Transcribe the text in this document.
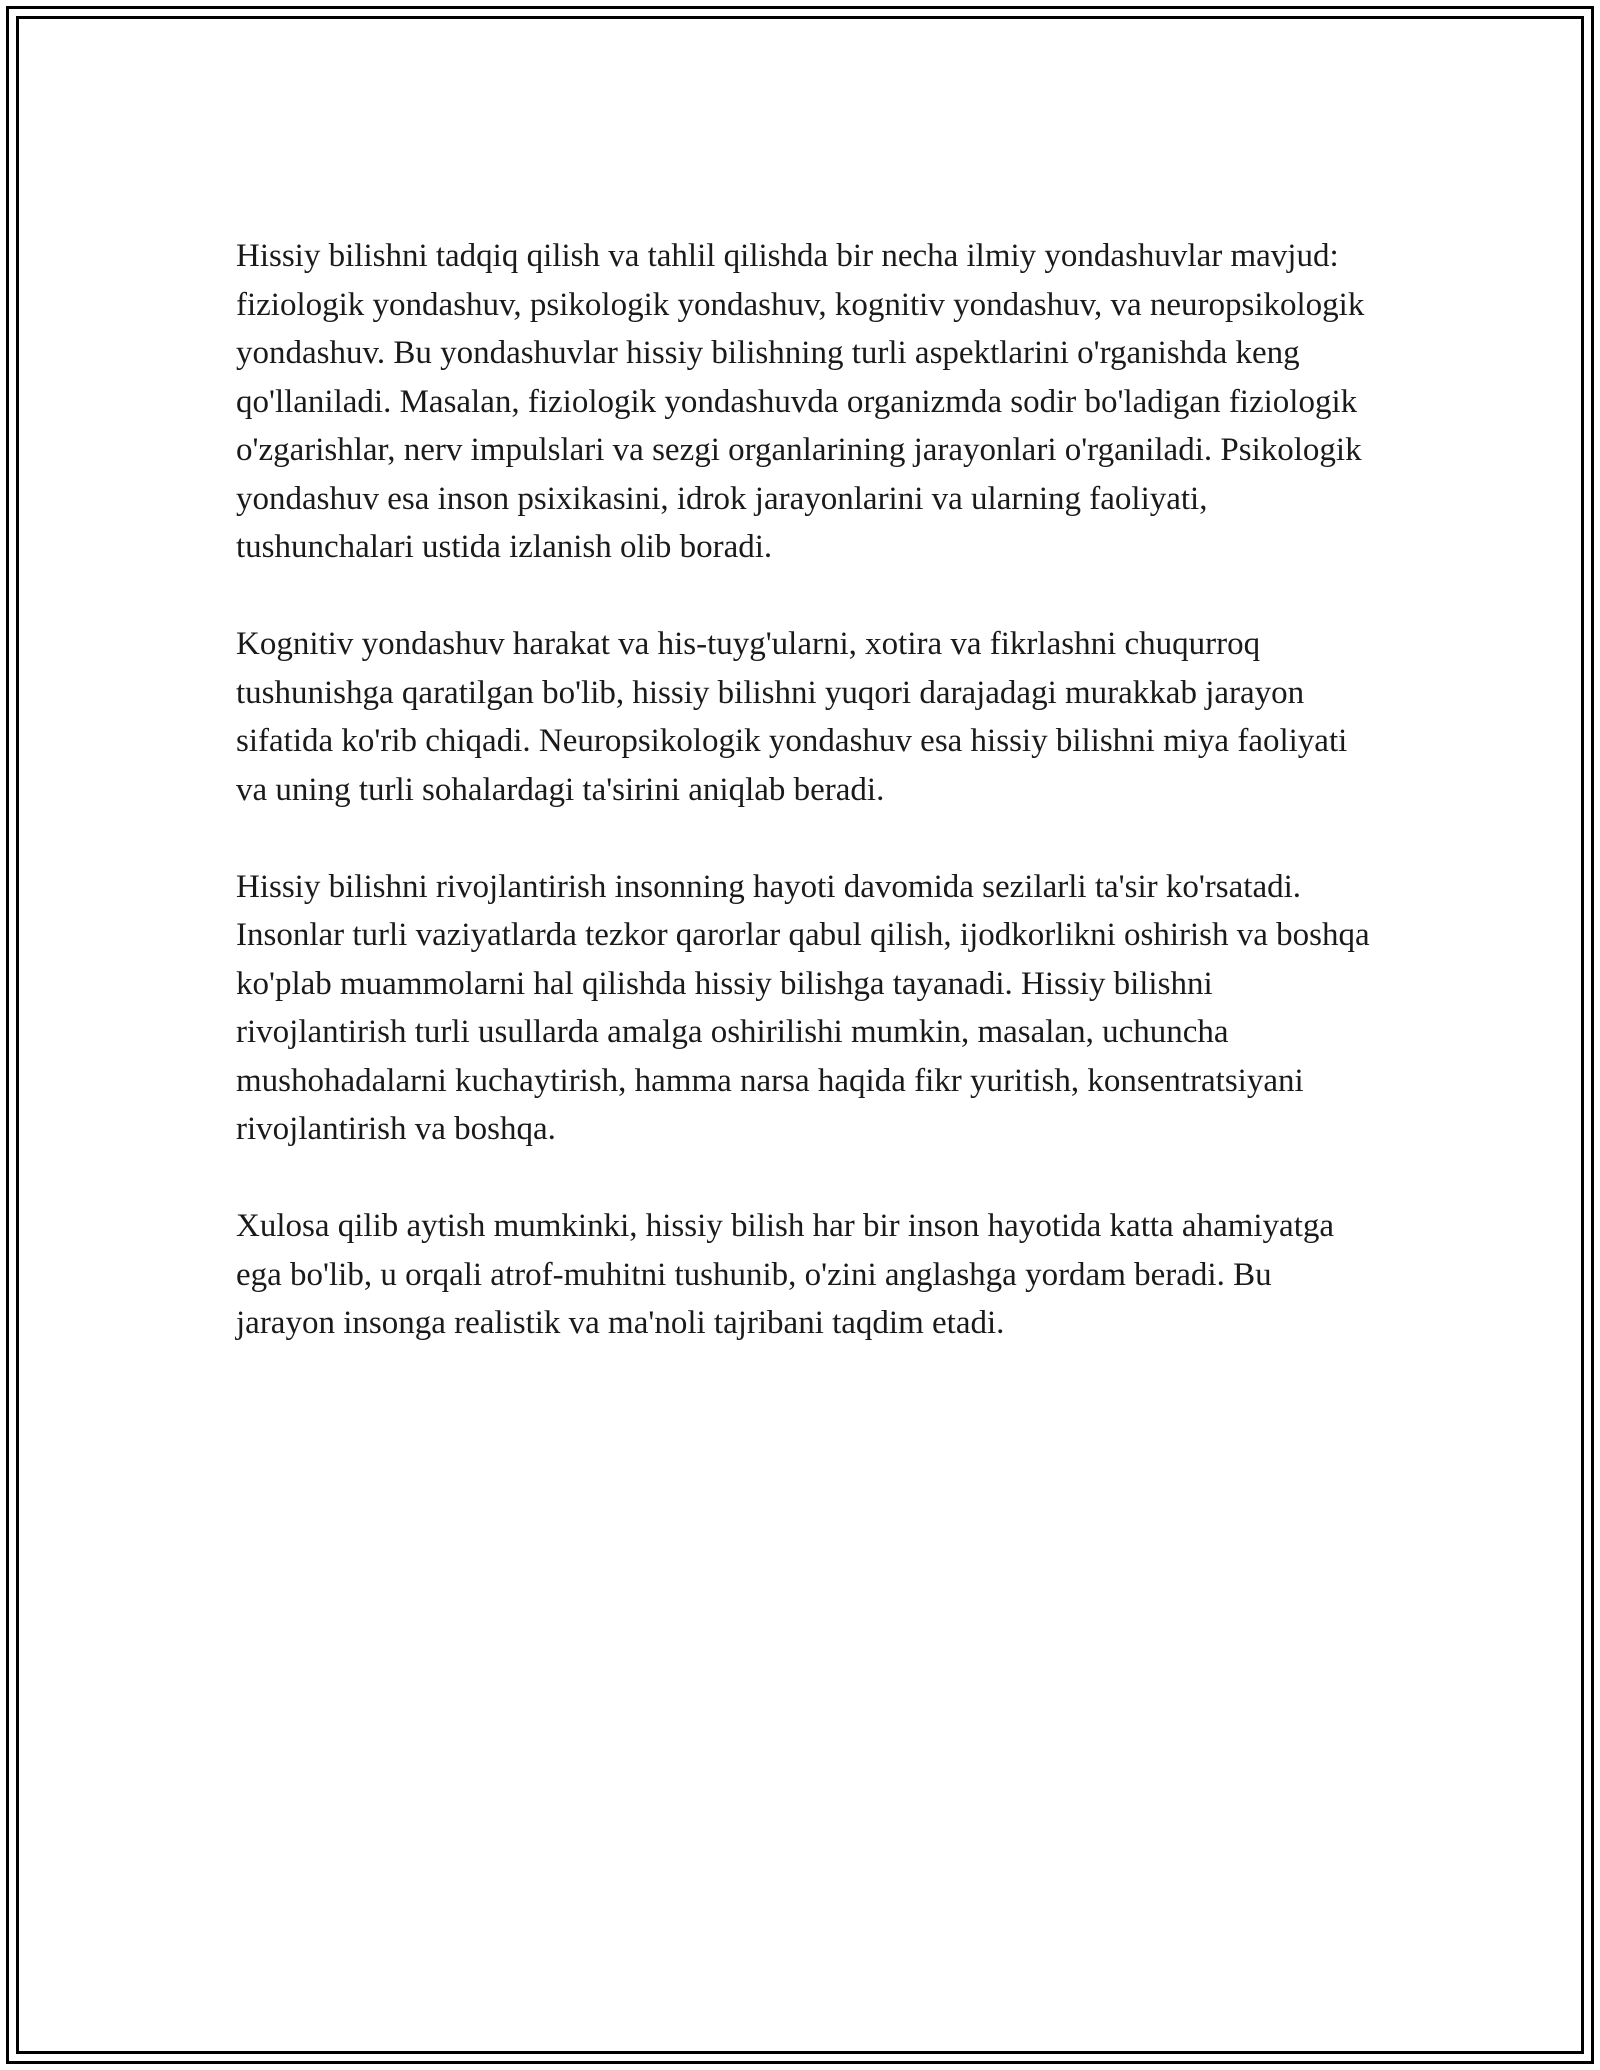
Hissiy bilishni tadqiq qilish va tahlil qilishda bir necha ilmiy yondashuvlar mavjud: fiziologik yondashuv, psikologik yondashuv, kognitiv yondashuv, va neuropsikologik yondashuv. Bu yondashuvlar hissiy bilishning turli aspektlarini o'rganishda keng qo'llaniladi. Masalan, fiziologik yondashuvda organizmda sodir bo'ladigan fiziologik o'zgarishlar, nerv impulslari va sezgi organlarining jarayonlari o'rganiladi. Psikologik yondashuv esa inson psixikasini, idrok jarayonlarini va ularning faoliyati, tushunchalari ustida izlanish olib boradi.

Kognitiv yondashuv harakat va his-tuyg'ularni, xotira va fikrlashni chuqurroq tushunishga qaratilgan bo'lib, hissiy bilishni yuqori darajadagi murakkab jarayon sifatida ko'rib chiqadi. Neuropsikologik yondashuv esa hissiy bilishni miya faoliyati va uning turli sohalardagi ta'sirini aniqlab beradi.

Hissiy bilishni rivojlantirish insonning hayoti davomida sezilarli ta'sir ko'rsatadi. Insonlar turli vaziyatlarda tezkor qarorlar qabul qilish, ijodkorlikni oshirish va boshqa ko'plab muammolarni hal qilishda hissiy bilishga tayanadi. Hissiy bilishni rivojlantirish turli usullarda amalga oshirilishi mumkin, masalan, uchuncha mushohadalarni kuchaytirish, hamma narsa haqida fikr yuritish, konsentratsiyani rivojlantirish va boshqa.

Xulosa qilib aytish mumkinki, hissiy bilish har bir inson hayotida katta ahamiyatga ega bo'lib, u orqali atrof-muhitni tushunib, o'zini anglashga yordam beradi. Bu jarayon insonga realistik va ma'noli tajribani taqdim etadi.
